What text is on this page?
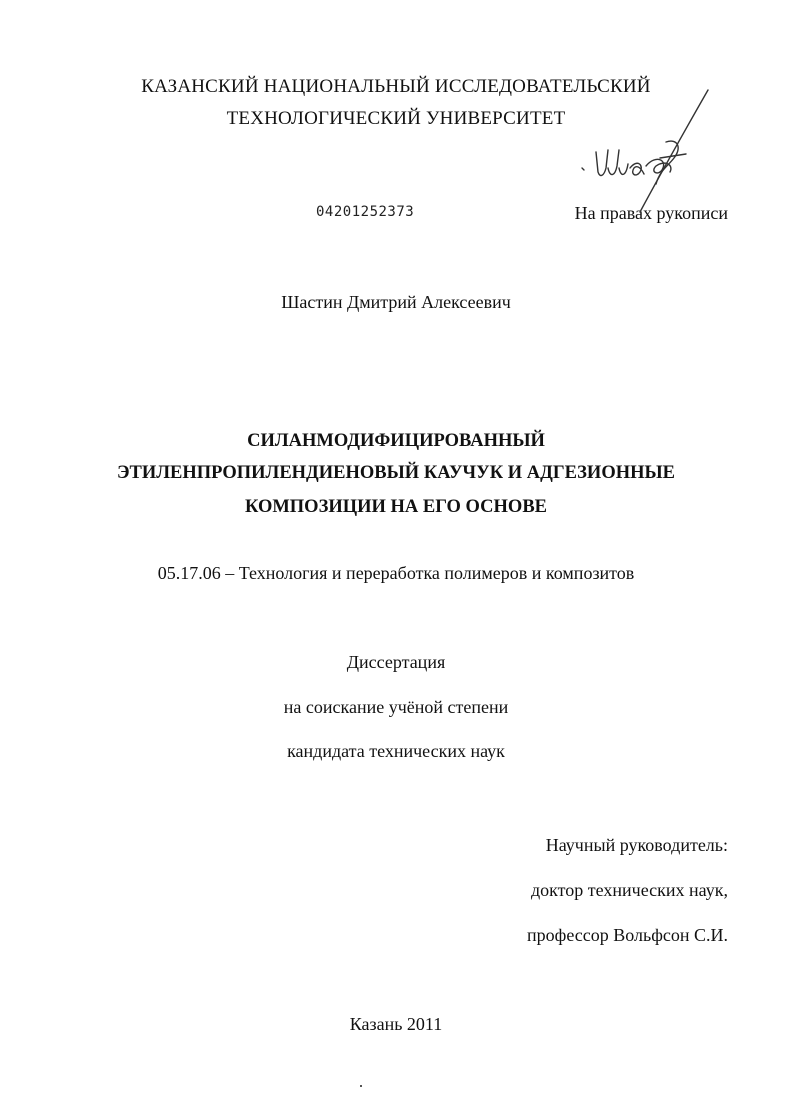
КАЗАНСКИЙ НАЦИОНАЛЬНЫЙ ИССЛЕДОВАТЕЛЬСКИЙ
ТЕХНОЛОГИЧЕСКИЙ УНИВЕРСИТЕТ
04201252373	На правах рукописи
Шастин Дмитрий Алексеевич
СИЛАНМОДИФИЦИРОВАННЫЙ
ЭТИЛЕНПРОПИЛЕНДИЕНОВЫЙ КАУЧУК И АДГЕЗИОННЫЕ
КОМПОЗИЦИИ НА ЕГО ОСНОВЕ
05.17.06 – Технология и переработка полимеров и композитов
Диссертация
на соискание учёной степени
кандидата технических наук
Научный руководитель:
доктор технических наук,
профессор Вольфсон С.И.
Казань 2011
